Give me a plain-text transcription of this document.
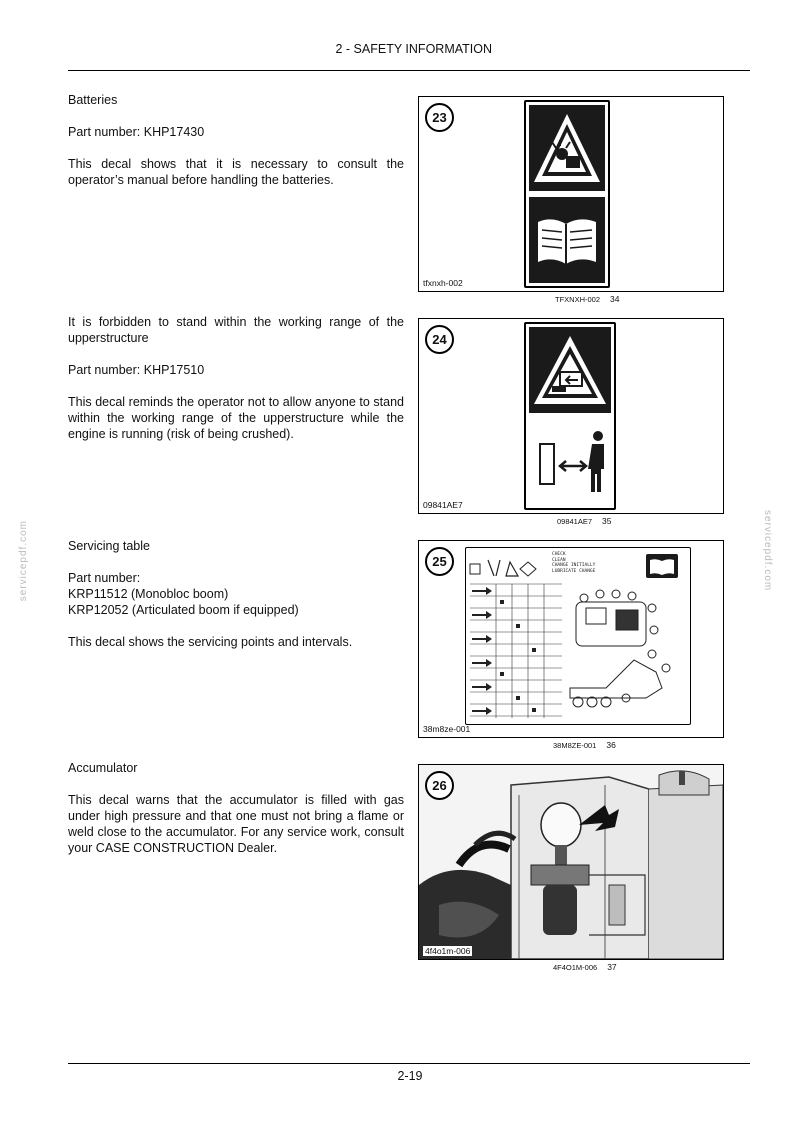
2 - SAFETY INFORMATION
servicepdf.com	servicepdf.com

Batteries

Part number: KHP17430

This decal shows that it is necessary to consult the operator’s manual before handling the batteries.

23
tfxnxh-002
TFXNXH-002 34

It is forbidden to stand within the working range of the upperstructure

Part number: KHP17510

This decal reminds the operator not to allow anyone to stand within the working range of the upperstructure while the engine is running (risk of being crushed).

24
09841AE7
09841AE7 35

Servicing table

Part number:
KRP11512 (Monobloc boom)
KRP12052 (Articulated boom if equipped)

This decal shows the servicing points and intervals.

25	CHECK
CLEAN
CHANGE INITIALLY
LUBRICATE CHANGE
38m8ze-001
38M8ZE-001 36

Accumulator

This decal warns that the accumulator is filled with gas under high pressure and that one must not bring a flame or weld close to the accumulator. For any service work, consult your CASE CONSTRUCTION Dealer.

26
4f4o1m-006
4F4O1M-006 37
2-19
